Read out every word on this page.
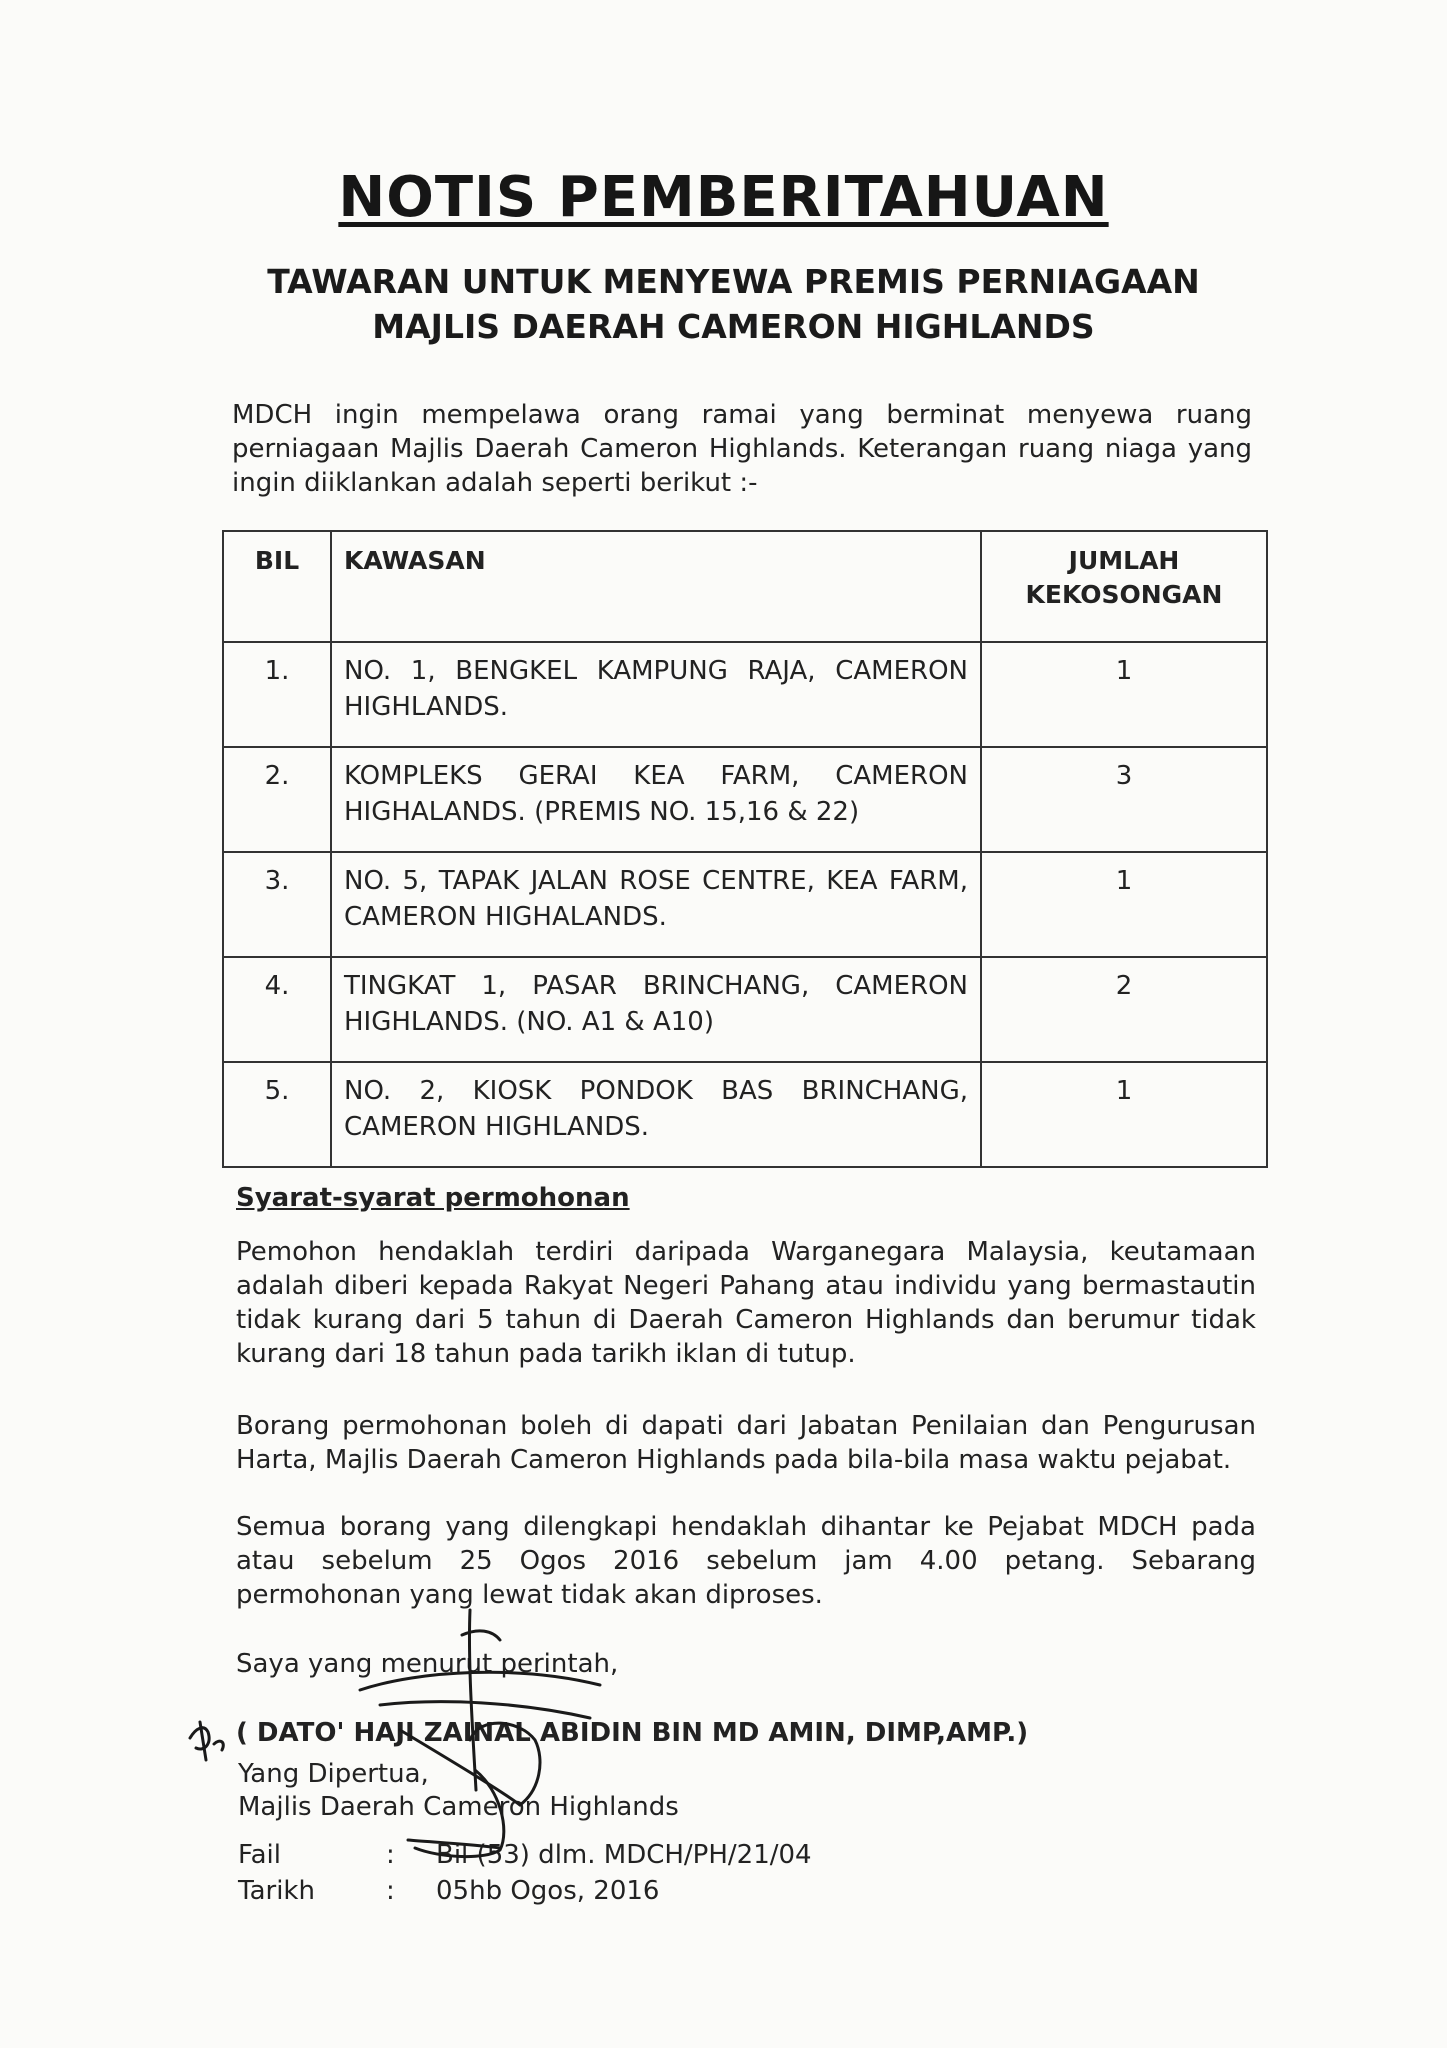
NOTIS PEMBERITAHUAN
TAWARAN UNTUK MENYEWA PREMIS PERNIAGAAN
MAJLIS DAERAH CAMERON HIGHLANDS
MDCH ingin mempelawa orang ramai yang berminat menyewa ruang perniagaan Majlis Daerah Cameron Highlands. Keterangan ruang niaga yang ingin diiklankan adalah seperti berikut :-
BIL	KAWASAN	JUMLAH KEKOSONGAN

1.	NO. 1, BENGKEL KAMPUNG RAJA, CAMERON HIGHLANDS.	1
2.	KOMPLEKS GERAI KEA FARM, CAMERON HIGHALANDS. (PREMIS NO. 15,16 & 22)	3
3.	NO. 5, TAPAK JALAN ROSE CENTRE, KEA FARM, CAMERON HIGHALANDS.	1
4.	TINGKAT 1, PASAR BRINCHANG, CAMERON HIGHLANDS. (NO. A1 & A10)	2
5.	NO. 2, KIOSK PONDOK BAS BRINCHANG, CAMERON HIGHLANDS.	1
Syarat-syarat permohonan
Pemohon hendaklah terdiri daripada Warganegara Malaysia, keutamaan adalah diberi kepada Rakyat Negeri Pahang atau individu yang bermastautin tidak kurang dari 5 tahun di Daerah Cameron Highlands dan berumur tidak kurang dari 18 tahun pada tarikh iklan di tutup.
Borang permohonan boleh di dapati dari Jabatan Penilaian dan Pengurusan Harta, Majlis Daerah Cameron Highlands pada bila-bila masa waktu pejabat.
Semua borang yang dilengkapi hendaklah dihantar ke Pejabat MDCH pada atau sebelum 25 Ogos 2016 sebelum jam 4.00 petang. Sebarang permohonan yang lewat tidak akan diproses.
Saya yang menurut perintah,
( DATO' HAJI ZAINAL ABIDIN BIN MD AMIN, DIMP,AMP.)
Yang Dipertua,
Majlis Daerah Cameron Highlands
Fail	: Bil (53) dlm. MDCH/PH/21/04
Tarikh	: 05hb Ogos, 2016
